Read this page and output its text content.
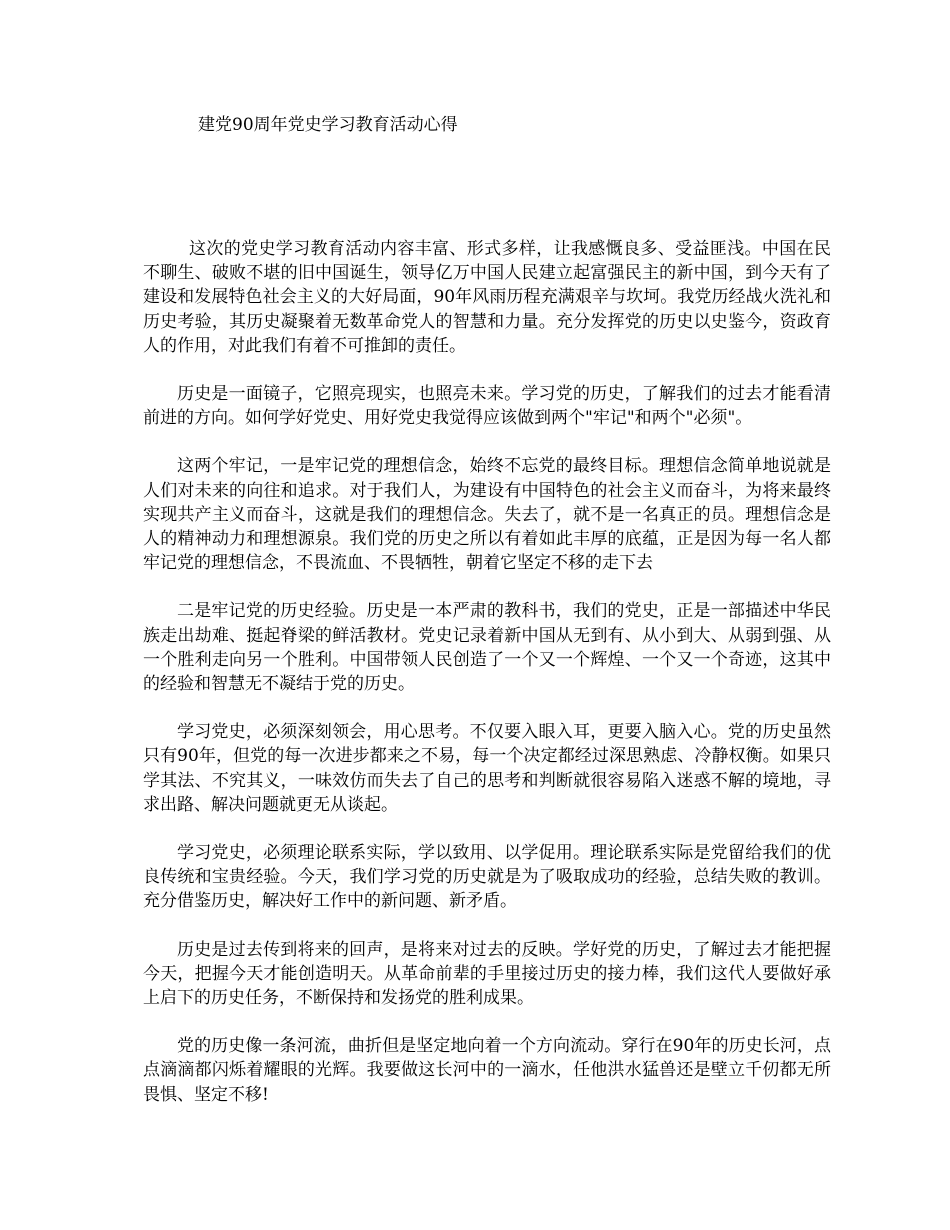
建党90周年党史学习教育活动心得

这次的党史学习教育活动内容丰富、形式多样，让我感慨良多、受益匪浅。中国在民不聊生、破败不堪的旧中国诞生，领导亿万中国人民建立起富强民主的新中国，到今天有了建设和发展特色社会主义的大好局面，90年风雨历程充满艰辛与坎坷。我党历经战火洗礼和历史考验，其历史凝聚着无数革命党人的智慧和力量。充分发挥党的历史以史鉴今，资政育人的作用，对此我们有着不可推卸的责任。

历史是一面镜子，它照亮现实，也照亮未来。学习党的历史，了解我们的过去才能看清前进的方向。如何学好党史、用好党史我觉得应该做到两个"牢记"和两个"必须"。

这两个牢记，一是牢记党的理想信念，始终不忘党的最终目标。理想信念简单地说就是人们对未来的向往和追求。对于我们人，为建设有中国特色的社会主义而奋斗，为将来最终实现共产主义而奋斗，这就是我们的理想信念。失去了，就不是一名真正的员。理想信念是人的精神动力和理想源泉。我们党的历史之所以有着如此丰厚的底蕴，正是因为每一名人都牢记党的理想信念，不畏流血、不畏牺牲，朝着它坚定不移的走下去

二是牢记党的历史经验。历史是一本严肃的教科书，我们的党史，正是一部描述中华民族走出劫难、挺起脊梁的鲜活教材。党史记录着新中国从无到有、从小到大、从弱到强、从一个胜利走向另一个胜利。中国带领人民创造了一个又一个辉煌、一个又一个奇迹，这其中的经验和智慧无不凝结于党的历史。

学习党史，必须深刻领会，用心思考。不仅要入眼入耳，更要入脑入心。党的历史虽然只有90年，但党的每一次进步都来之不易，每一个决定都经过深思熟虑、冷静权衡。如果只学其法、不究其义，一味效仿而失去了自己的思考和判断就很容易陷入迷惑不解的境地，寻求出路、解决问题就更无从谈起。

学习党史，必须理论联系实际，学以致用、以学促用。理论联系实际是党留给我们的优良传统和宝贵经验。今天，我们学习党的历史就是为了吸取成功的经验，总结失败的教训。充分借鉴历史，解决好工作中的新问题、新矛盾。

历史是过去传到将来的回声，是将来对过去的反映。学好党的历史，了解过去才能把握今天，把握今天才能创造明天。从革命前辈的手里接过历史的接力棒，我们这代人要做好承上启下的历史任务，不断保持和发扬党的胜利成果。

党的历史像一条河流，曲折但是坚定地向着一个方向流动。穿行在90年的历史长河，点点滴滴都闪烁着耀眼的光辉。我要做这长河中的一滴水，任他洪水猛兽还是壁立千仞都无所畏惧、坚定不移!
